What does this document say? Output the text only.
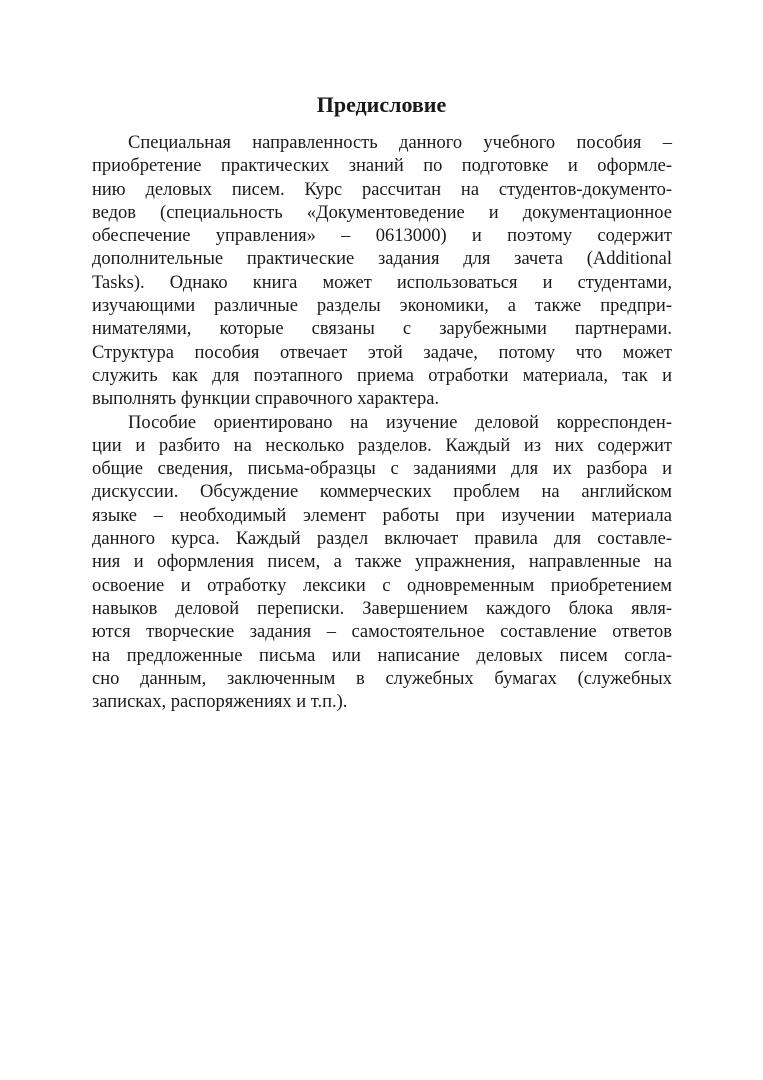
Предисловие
Специальная направленность данного учебного пособия –
приобретение практических знаний по подготовке и оформле-
нию деловых писем. Курс рассчитан на студентов-документо-
ведов (специальность «Документоведение и документационное
обеспечение управления» – 0613000) и поэтому содержит
дополнительные практические задания для зачета (Additional
Tasks). Однако книга может использоваться и студентами,
изучающими различные разделы экономики, а также предпри-
нимателями, которые связаны с зарубежными партнерами.
Структура пособия отвечает этой задаче, потому что может
служить как для поэтапного приема отработки материала, так и
выполнять функции справочного характера.
Пособие ориентировано на изучение деловой корреспонден-
ции и разбито на несколько разделов. Каждый из них содержит
общие сведения, письма-образцы с заданиями для их разбора и
дискуссии. Обсуждение коммерческих проблем на английском
языке – необходимый элемент работы при изучении материала
данного курса. Каждый раздел включает правила для составле-
ния и оформления писем, а также упражнения, направленные на
освоение и отработку лексики с одновременным приобретением
навыков деловой переписки. Завершением каждого блока явля-
ются творческие задания – самостоятельное составление ответов
на предложенные письма или написание деловых писем согла-
сно данным, заключенным в служебных бумагах (служебных
записках, распоряжениях и т.п.).
